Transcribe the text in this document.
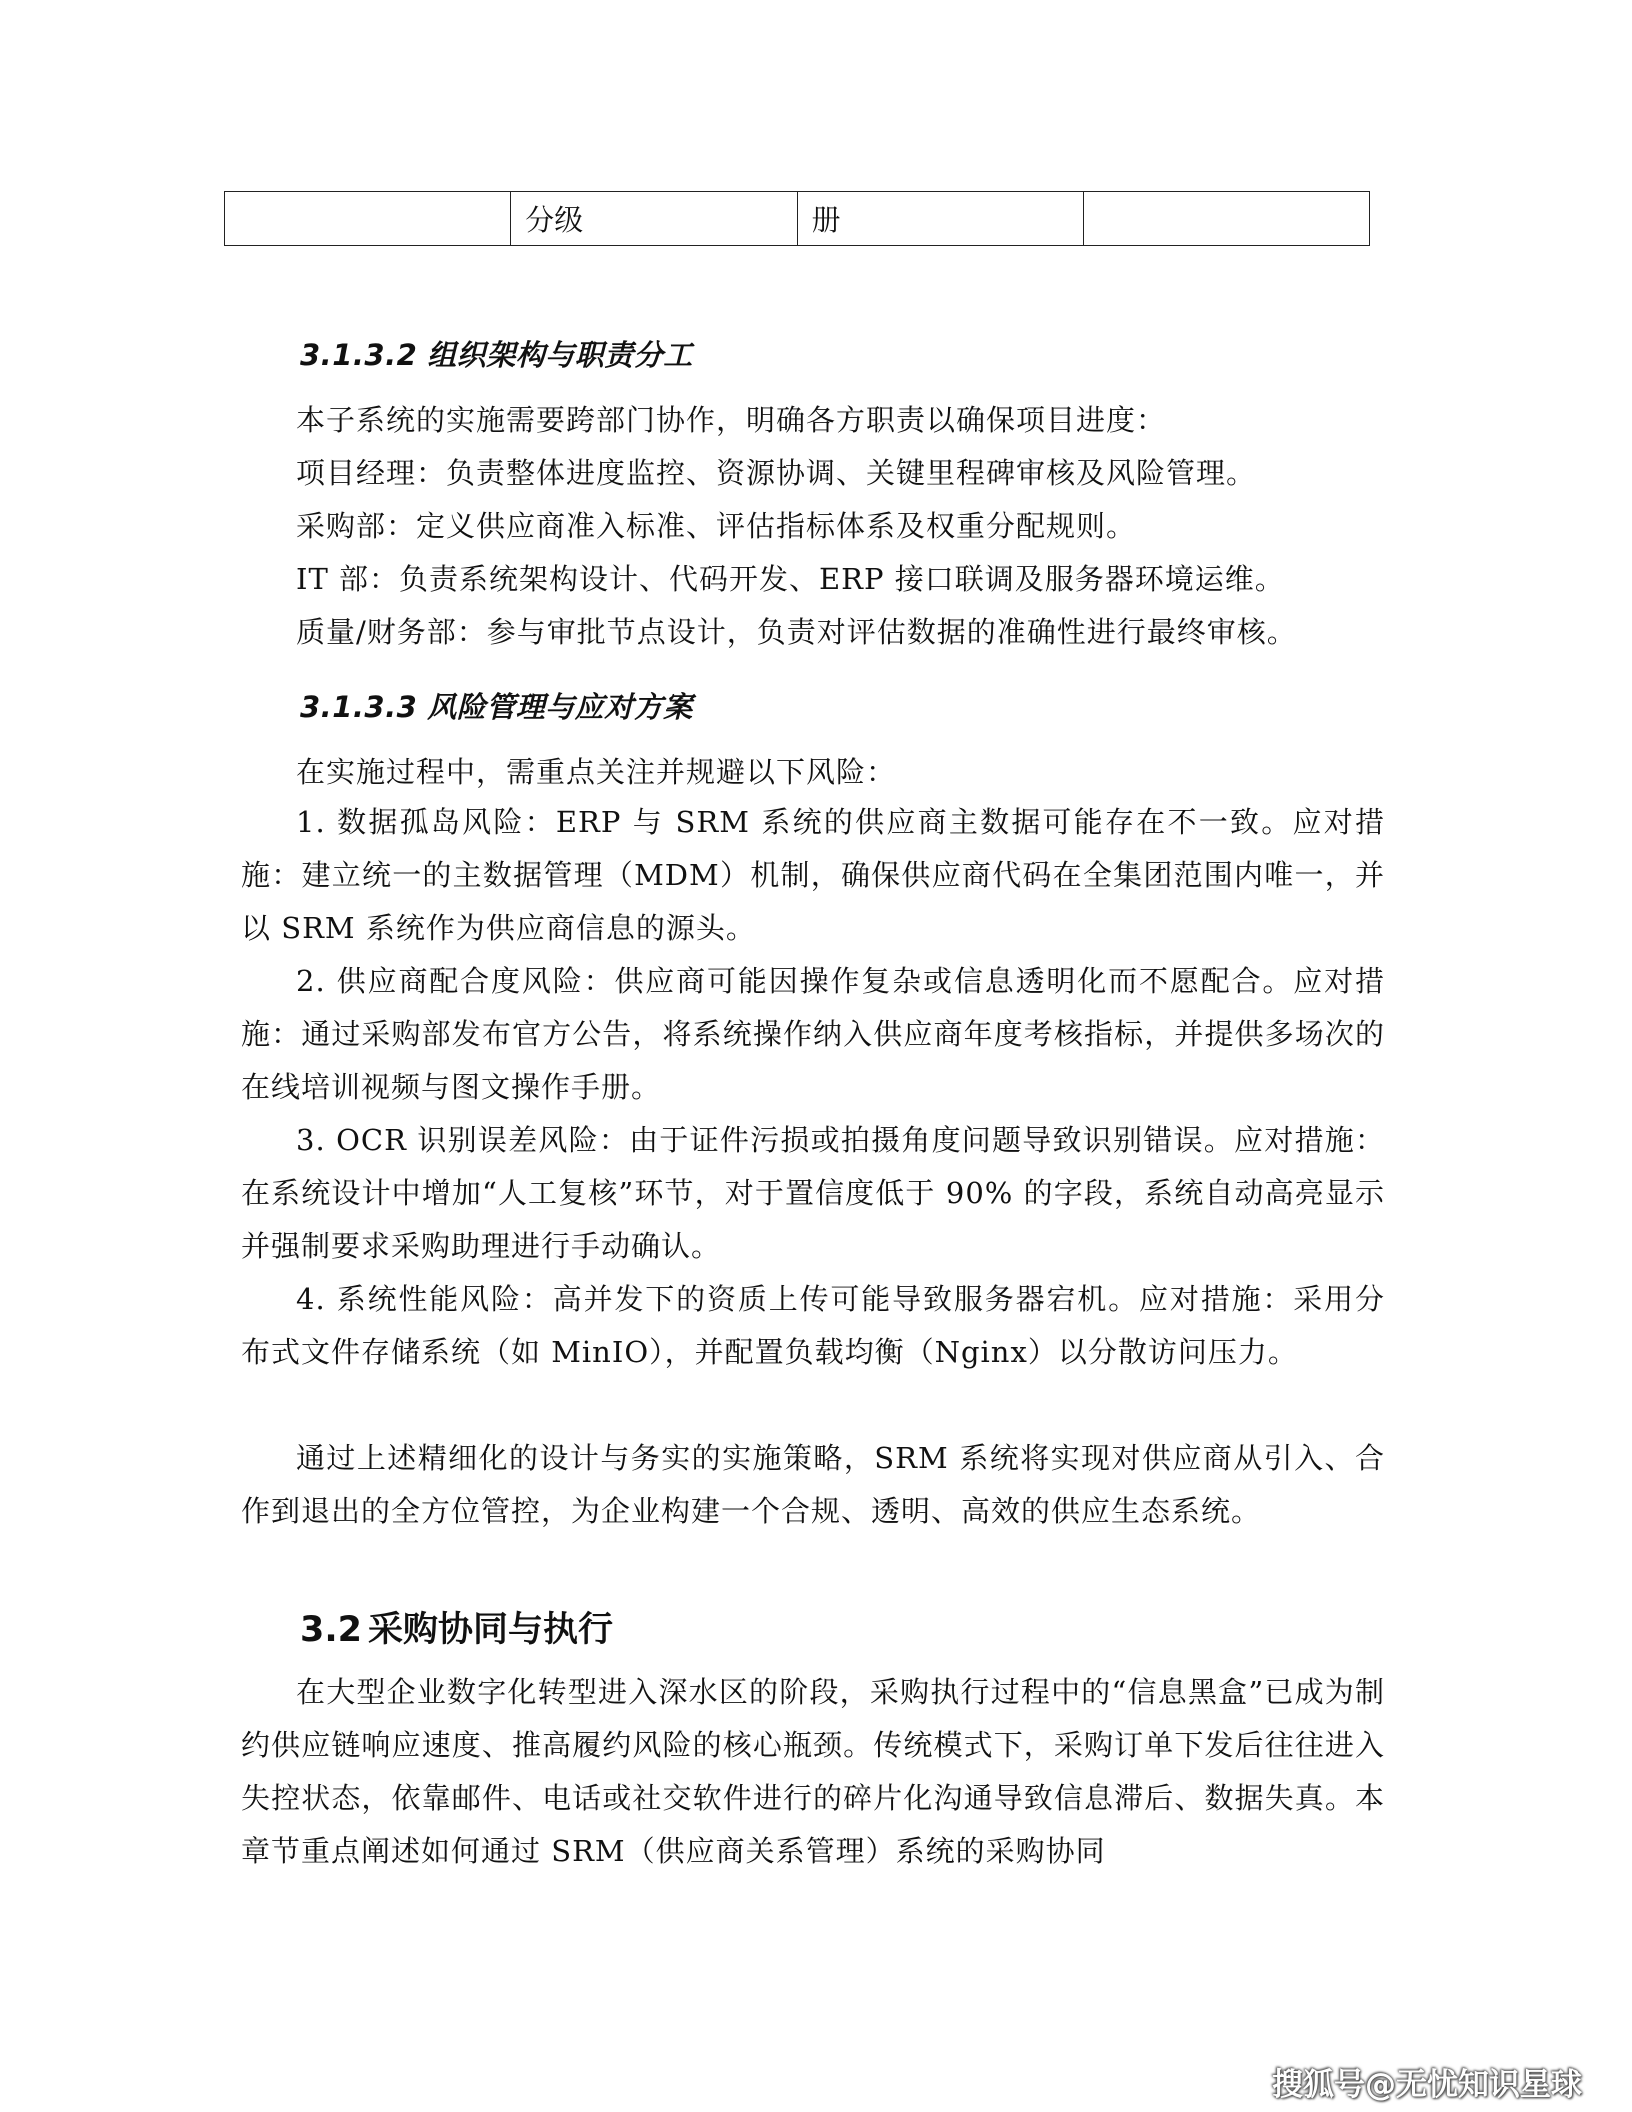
	分级	册	
3.1.3.2 组织架构与职责分工
本子系统的实施需要跨部门协作，明确各方职责以确保项目进度：
项目经理：负责整体进度监控、资源协调、关键里程碑审核及风险管理。
采购部：定义供应商准入标准、评估指标体系及权重分配规则。
IT 部：负责系统架构设计、代码开发、ERP 接口联调及服务器环境运维。
质量/财务部：参与审批节点设计，负责对评估数据的准确性进行最终审核。
3.1.3.3 风险管理与应对方案
在实施过程中，需重点关注并规避以下风险：

1. 数据孤岛风险：ERP 与 SRM 系统的供应商主数据可能存在不一致。应对措施：建立统一的主数据管理（MDM）机制，确保供应商代码在全集团范围内唯一，并以 SRM 系统作为供应商信息的源头。

2. 供应商配合度风险：供应商可能因操作复杂或信息透明化而不愿配合。应对措施：通过采购部发布官方公告，将系统操作纳入供应商年度考核指标，并提供多场次的在线培训视频与图文操作手册。

3. OCR 识别误差风险：由于证件污损或拍摄角度问题导致识别错误。应对措施：在系统设计中增加“人工复核”环节，对于置信度低于 90% 的字段，系统自动高亮显示并强制要求采购助理进行手动确认。

4. 系统性能风险：高并发下的资质上传可能导致服务器宕机。应对措施：采用分布式文件存储系统（如 MinIO），并配置负载均衡（Nginx）以分散访问压力。

通过上述精细化的设计与务实的实施策略，SRM 系统将实现对供应商从引入、合作到退出的全方位管控，为企业构建一个合规、透明、高效的供应生态系统。

3.2 采购协同与执行

在大型企业数字化转型进入深水区的阶段，采购执行过程中的“信息黑盒”已成为制约供应链响应速度、推高履约风险的核心瓶颈。传统模式下，采购订单下发后往往进入失控状态，依靠邮件、电话或社交软件进行的碎片化沟通导致信息滞后、数据失真。本章节重点阐述如何通过 SRM（供应商关系管理）系统的采购协同

搜狐号@无忧知识星球
